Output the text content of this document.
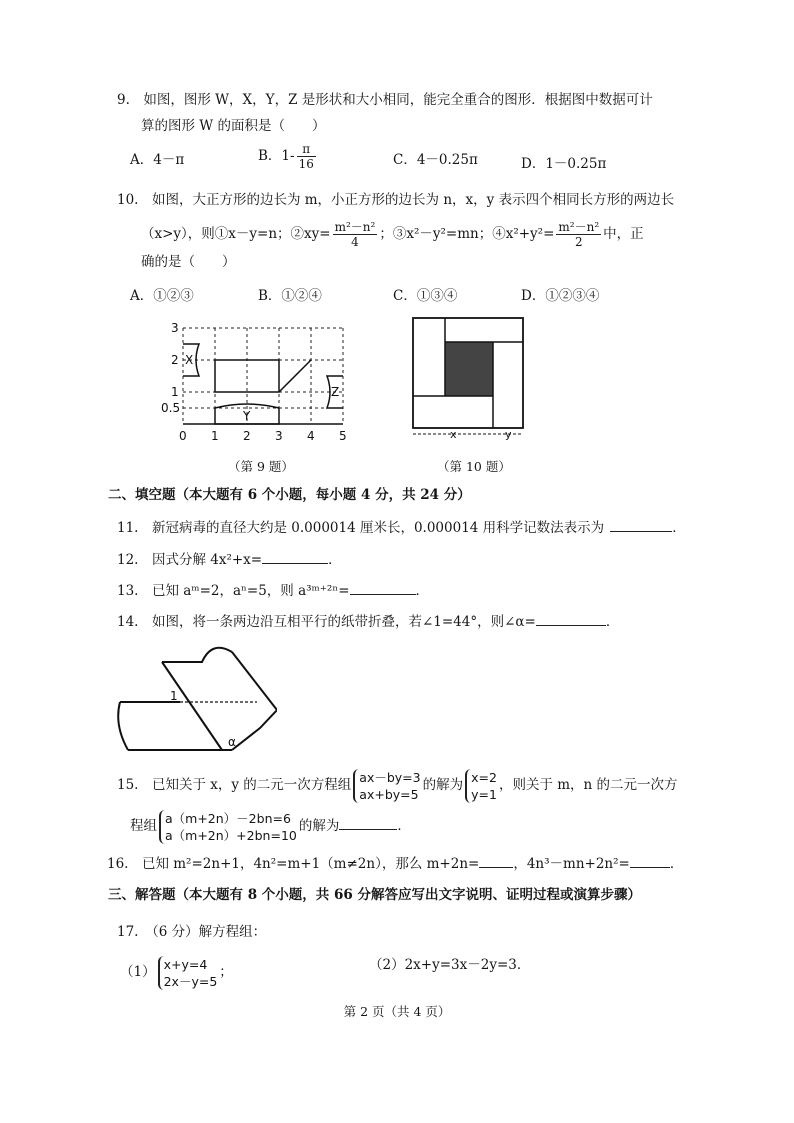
9.　如图，图形 W，X，Y，Z 是形状和大小相同，能完全重合的图形．根据图中数据可计
算的图形 W 的面积是（　　）
A．4－π	B．$1- \frac{\pi}{16}$	C．4－0.25π	D．1－0.25π
10.　如图，大正方形的边长为 m，小正方形的边长为 n，x，y 表示四个相同长方形的两边长
（x>y），则①x－y=n；②xy= $\frac{\text{m²－n²}}{4}$ ；③x²－y²=mn；④x²+y²= $\frac{\text{m²－n²}}{2}$ 中，正
确的是（　　）
A．①②③	B．①②④	C．①③④	D．①②③④
3
2
1
0.5
0 1 2 3 4 5
X
Y
Z
（第 9 题）
x	y
（第 10 题）
二、填空题（本大题有 6 个小题，每小题 4 分，共 24 分）
11.　新冠病毒的直径大约是 0.000014 厘米长，0.000014 用科学记数法表示为	．
12.　因式分解 4x²+x=	．
13.　已知 aᵐ=2，aⁿ=5，则 a³ᵐ⁺²ⁿ=	．
14.　如图，将一条两边沿互相平行的纸带折叠，若∠1=44°，则∠α=	．
1
α
15.　已知关于 x，y 的二元一次方程组 ax－by=3
ax+by=5
的解为 x=2
y=1
，则关于 m，n 的二元一次方
程组 a（m+2n）－2bn=6
a（m+2n）+2bn=10
的解为	．
16.　已知 m²=2n+1，4n²=m+1（m≠2n），那么 m+2n=	，4n³－mn+2n²=	．
三、解答题（本大题有 8 个小题，共 66 分解答应写出文字说明、证明过程或演算步骤）
17.　（6 分）解方程组：
（1） x+y=4
2x－y=5
；	（2）2x+y=3x－2y=3．
第 2 页（共 4 页）
